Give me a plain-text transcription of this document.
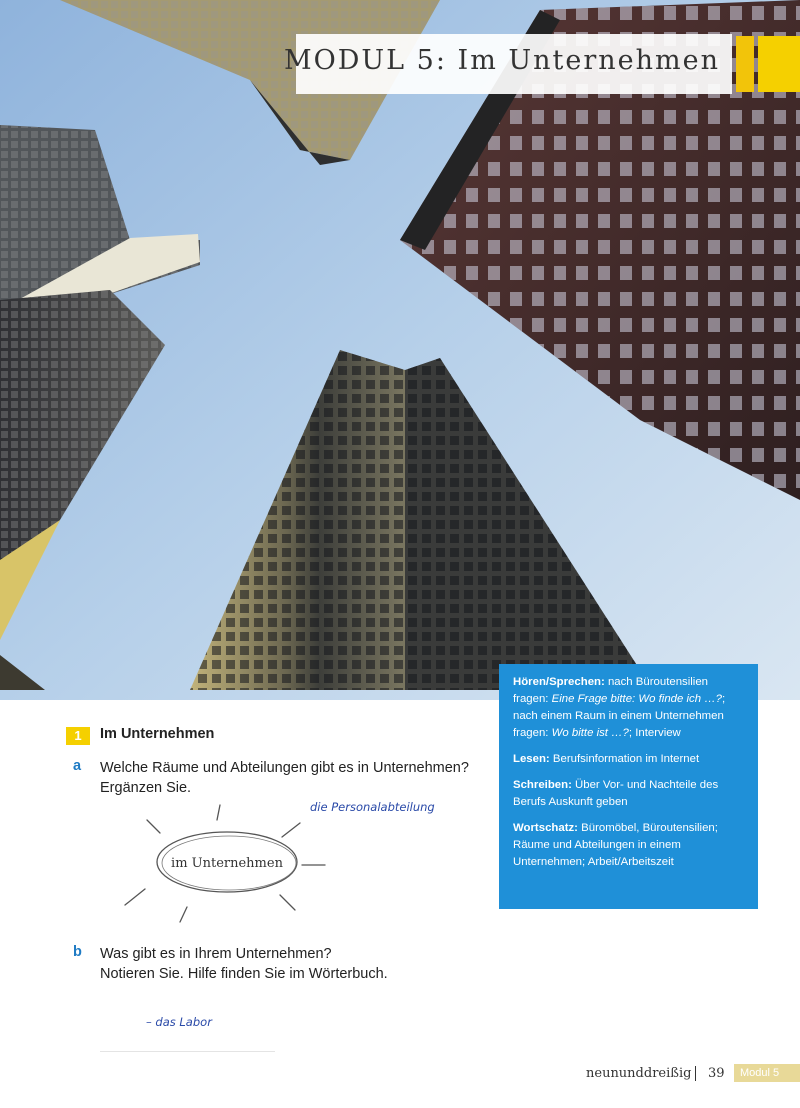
MODUL 5: Im Unternehmen

Hören/Sprechen: nach Büroutensilien fragen: Eine Frage bitte: Wo finde ich …?; nach einem Raum in einem Unternehmen fragen: Wo bitte ist …?; Interview

Lesen: Berufsinformation im Internet

Schreiben: Über Vor- und Nachteile des Berufs Auskunft geben

Wortschatz: Büromöbel, Büroutensilien; Räume und Abteilungen in einem Unternehmen; Arbeit/Arbeitszeit

1	Im Unternehmen
a Welche Räume und Abteilungen gibt es in Unternehmen?
Ergänzen Sie.
die Personalabteilung
im Unternehmen
b Was gibt es in Ihrem Unternehmen?
Notieren Sie. Hilfe finden Sie im Wörterbuch.
– das Labor
neununddreißig 39	Modul 5
